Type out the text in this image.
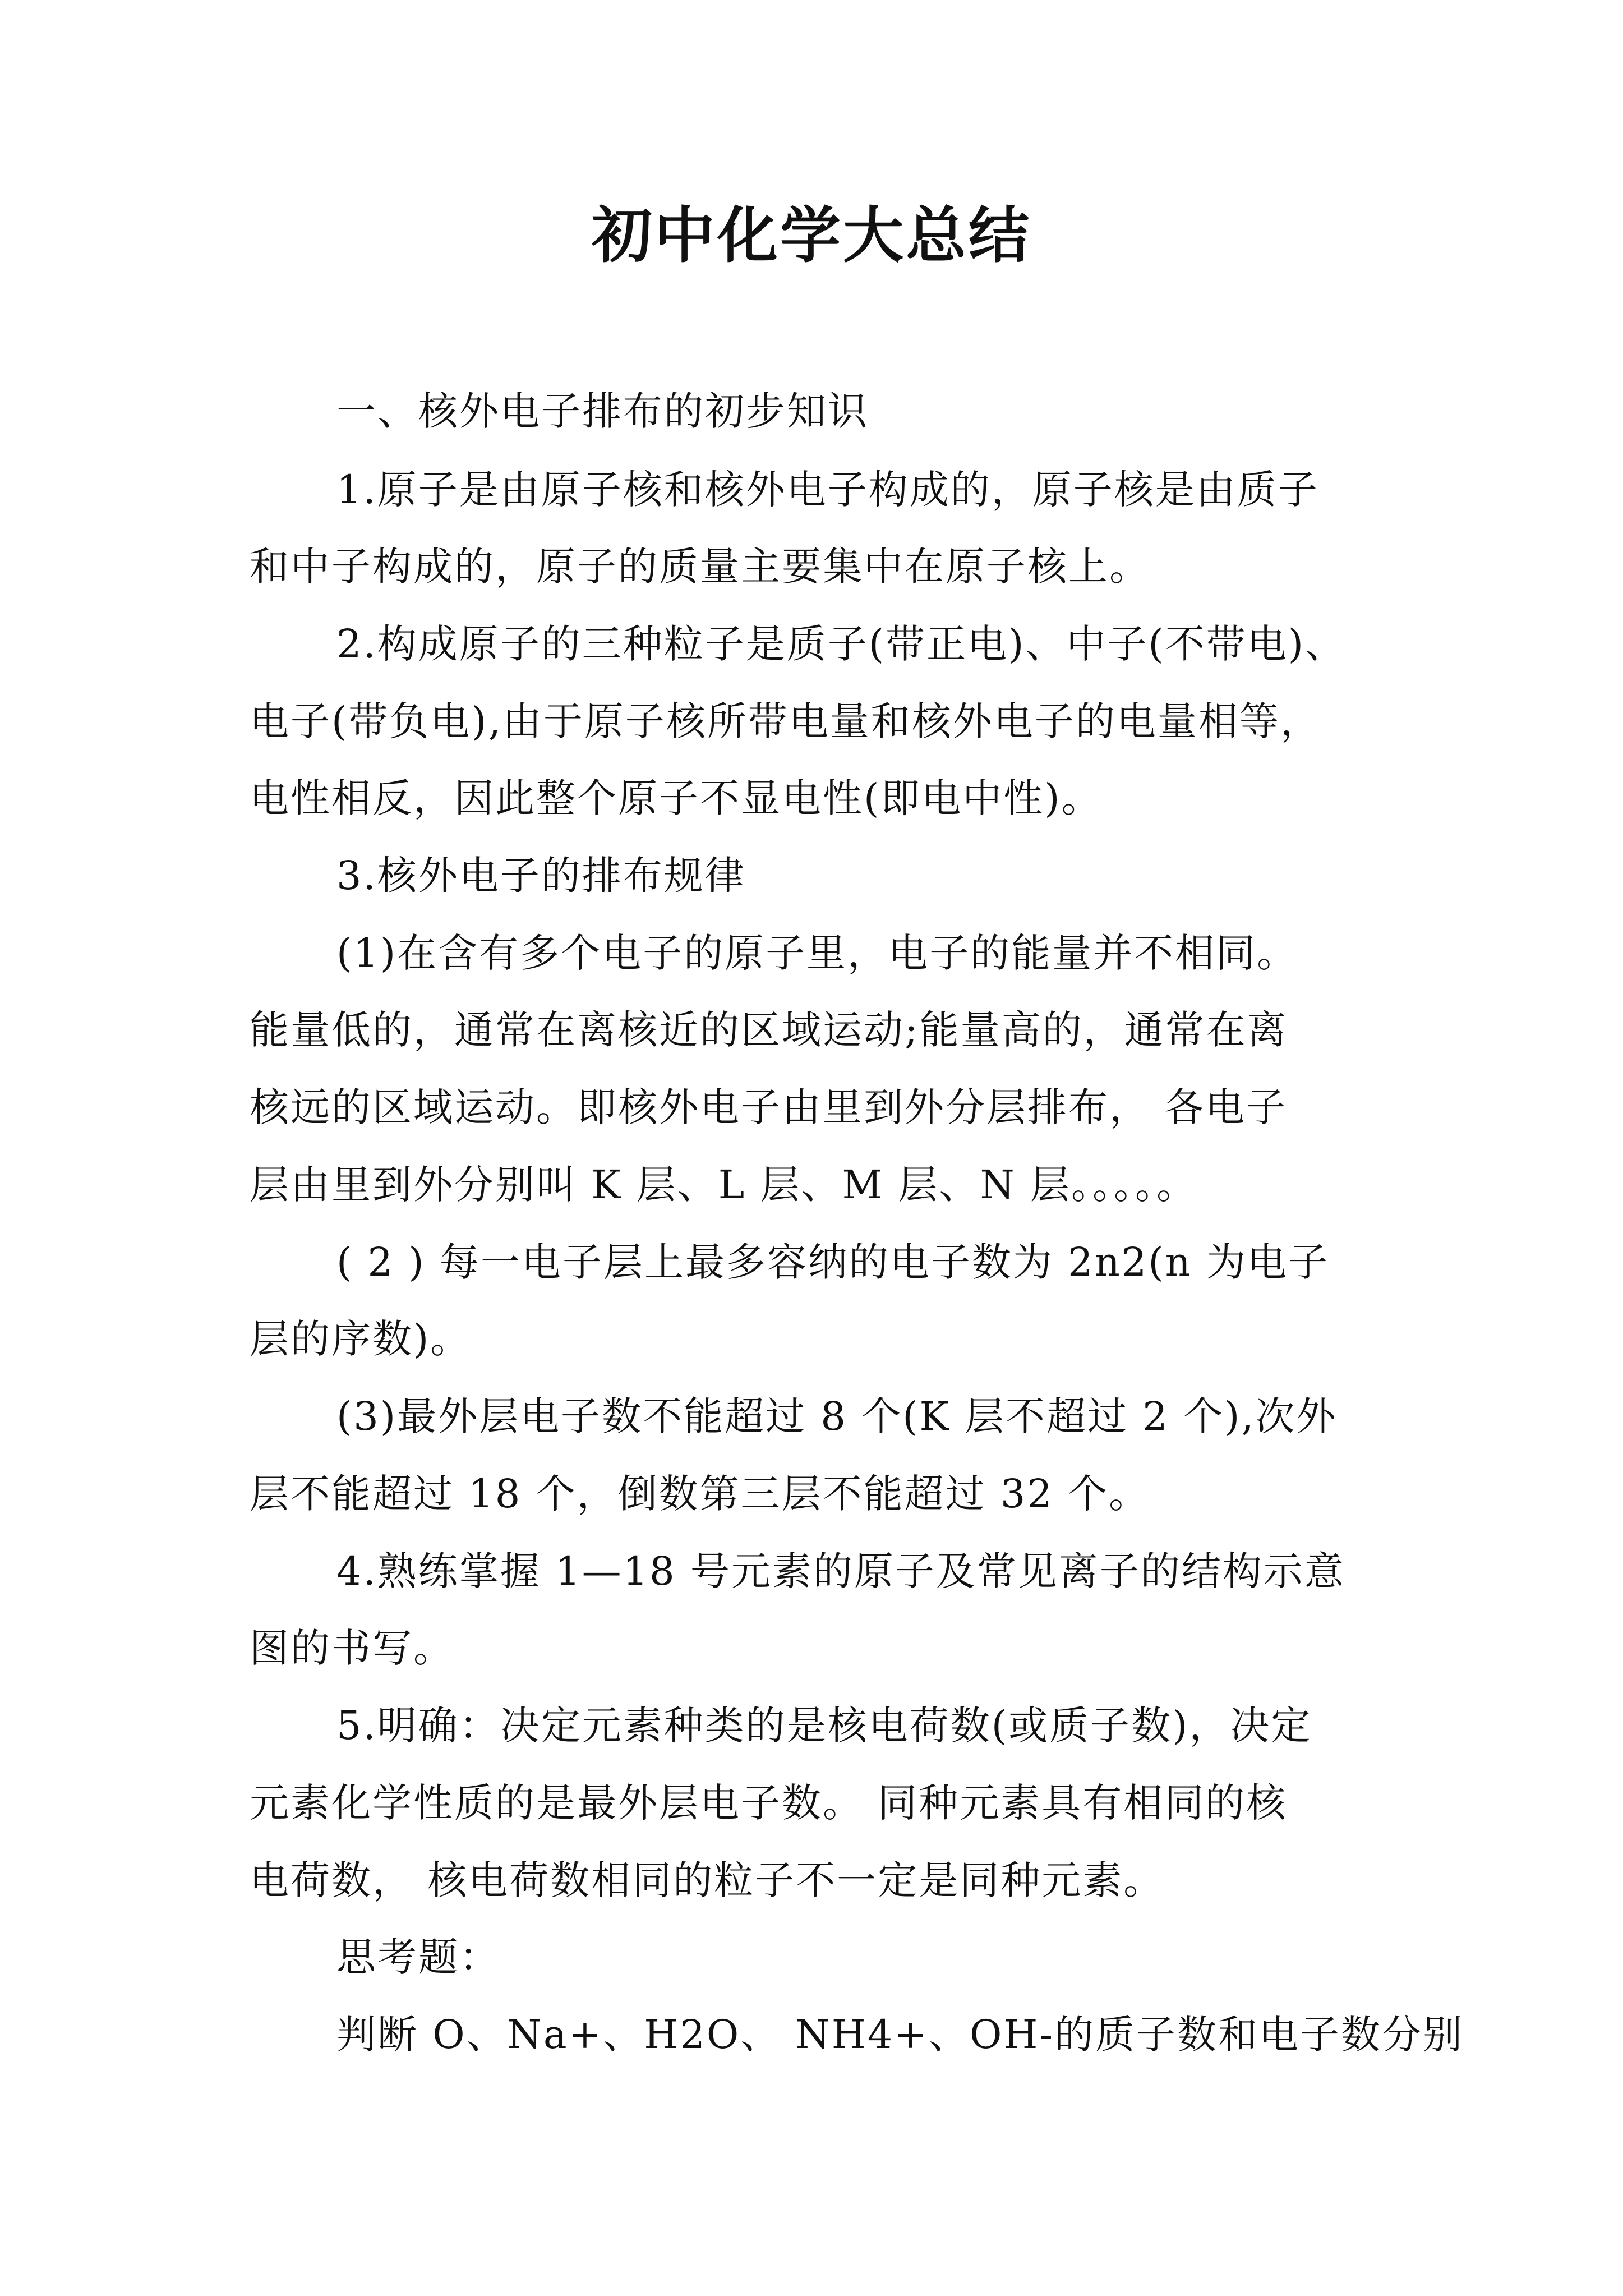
初中化学大总结
一、核外电子排布的初步知识
1.原子是由原子核和核外电子构成的，原子核是由质子
和中子构成的，原子的质量主要集中在原子核上。
2.构成原子的三种粒子是质子(带正电)、中子(不带电)、
电子(带负电),由于原子核所带电量和核外电子的电量相等，
电性相反，因此整个原子不显电性(即电中性)。
3.核外电子的排布规律
(1)在含有多个电子的原子里，电子的能量并不相同。
能量低的，通常在离核近的区域运动;能量高的，通常在离
核远的区域运动。即核外电子由里到外分层排布， 各电子
层由里到外分别叫 K 层、L 层、M 层、N 层。。。。。
( 2 ) 每一电子层上最多容纳的电子数为 2n2(n 为电子
层的序数)。
(3)最外层电子数不能超过 8 个(K 层不超过 2 个),次外
层不能超过 18 个，倒数第三层不能超过 32 个。
4.熟练掌握 1—18 号元素的原子及常见离子的结构示意
图的书写。
5.明确：决定元素种类的是核电荷数(或质子数)，决定
元素化学性质的是最外层电子数。 同种元素具有相同的核
电荷数， 核电荷数相同的粒子不一定是同种元素。
思考题：
判断 O、Na+、H2O、 NH4+、OH-的质子数和电子数分别
